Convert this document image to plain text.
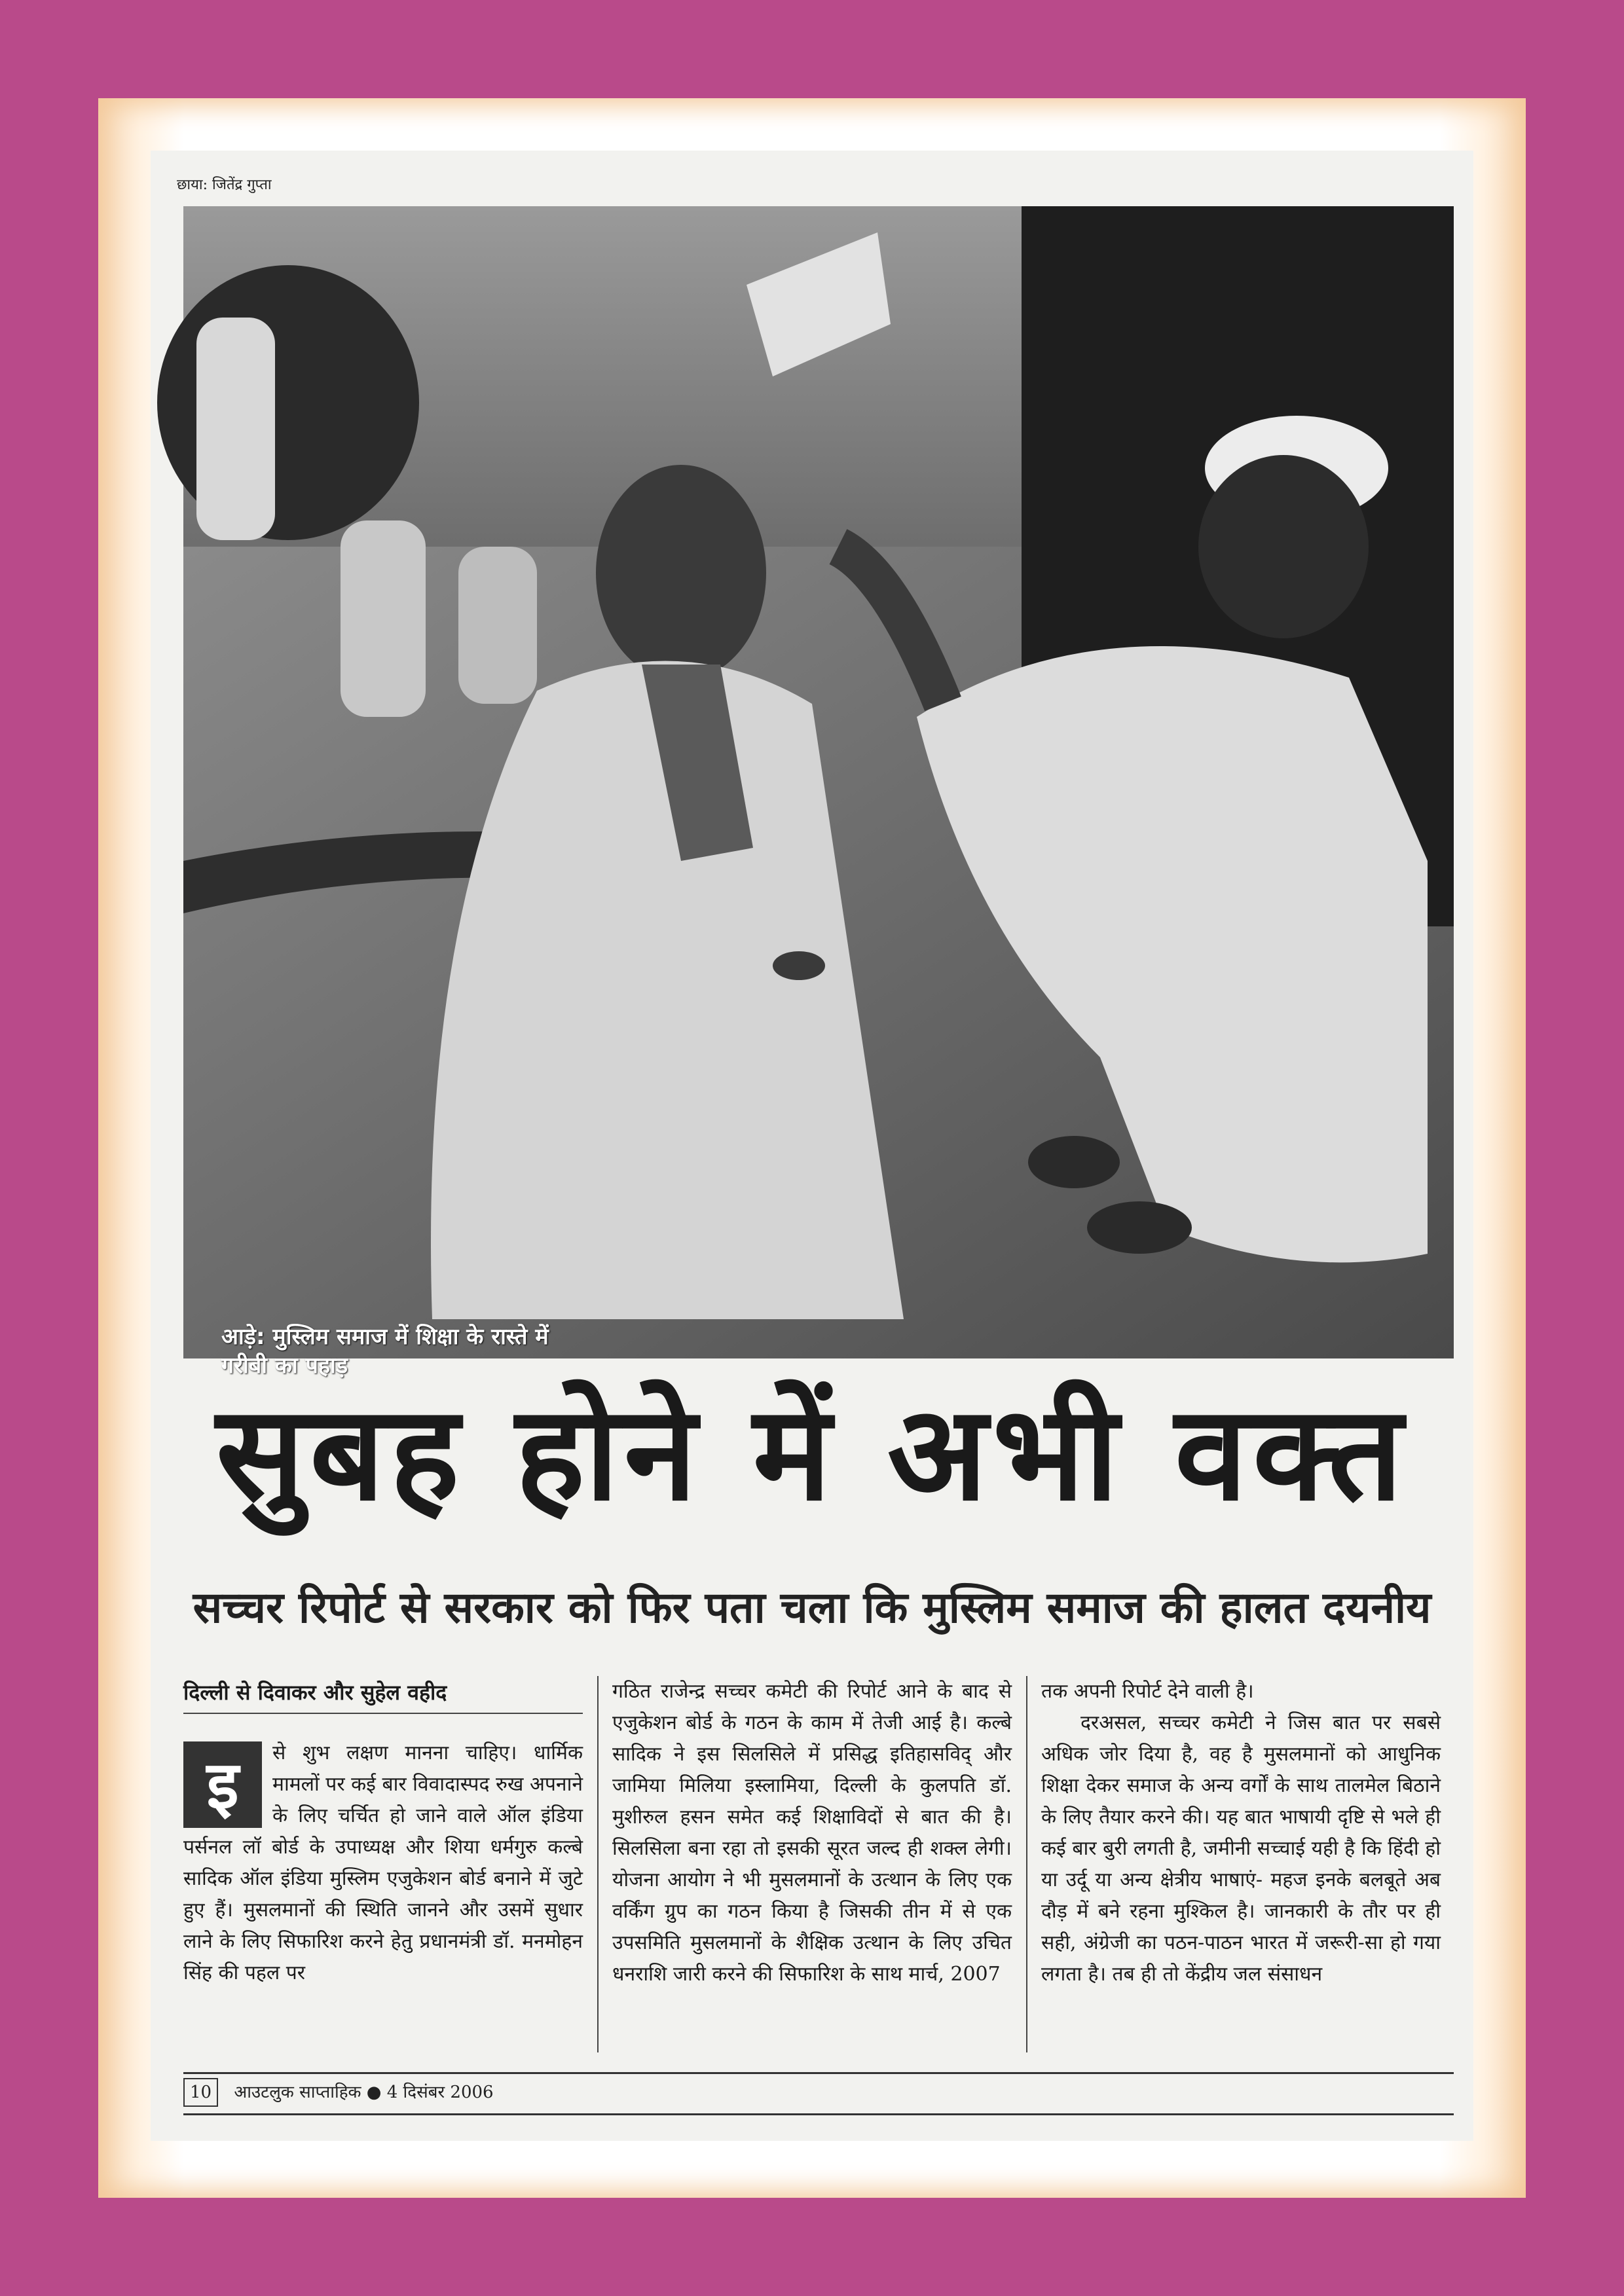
छाया: जितेंद्र गुप्ता
आड़े: मुस्लिम समाज में शिक्षा के रास्ते में गरीबी का पहाड़
सुबह होने में अभी वक्त
सच्चर रिपोर्ट से सरकार को फिर पता चला कि मुस्लिम समाज की हालत दयनीय
दिल्ली से दिवाकर और सुहेल वहीद
इ	से शुभ लक्षण मानना चाहिए। धार्मिक मामलों पर कई बार विवादास्पद रुख अपनाने के लिए चर्चित हो जाने वाले ऑल इंडिया पर्सनल लॉ बोर्ड के उपाध्यक्ष और शिया धर्मगुरु कल्बे सादिक ऑल इंडिया मुस्लिम एजुकेशन बोर्ड बनाने में जुटे हुए हैं। मुसलमानों की स्थिति जानने और उसमें सुधार लाने के लिए सिफारिश करने हेतु प्रधानमंत्री डॉ. मनमोहन सिंह की पहल पर

गठित राजेन्द्र सच्चर कमेटी की रिपोर्ट आने के बाद से एजुकेशन बोर्ड के गठन के काम में तेजी आई है। कल्बे सादिक ने इस सिलसिले में प्रसिद्ध इतिहासविद् और जामिया मिलिया इस्लामिया, दिल्ली के कुलपति डॉ. मुशीरुल हसन समेत कई शिक्षाविदों से बात की है। सिलसिला बना रहा तो इसकी सूरत जल्द ही शक्ल लेगी। योजना आयोग ने भी मुसलमानों के उत्थान के लिए एक वर्किंग ग्रुप का गठन किया है जिसकी तीन में से एक उपसमिति मुसलमानों के शैक्षिक उत्थान के लिए उचित धनराशि जारी करने की सिफारिश के साथ मार्च, 2007

तक अपनी रिपोर्ट देने वाली है।

दरअसल, सच्चर कमेटी ने जिस बात पर सबसे अधिक जोर दिया है, वह है मुसलमानों को आधुनिक शिक्षा देकर समाज के अन्य वर्गों के साथ तालमेल बिठाने के लिए तैयार करने की। यह बात भाषायी दृष्टि से भले ही कई बार बुरी लगती है, जमीनी सच्चाई यही है कि हिंदी हो या उर्दू या अन्य क्षेत्रीय भाषाएं- महज इनके बलबूते अब दौड़ में बने रहना मुश्किल है। जानकारी के तौर पर ही सही, अंग्रेजी का पठन-पाठन भारत में जरूरी-सा हो गया लगता है। तब ही तो केंद्रीय जल संसाधन

10 आउटलुक साप्ताहिक ● 4 दिसंबर 2006
